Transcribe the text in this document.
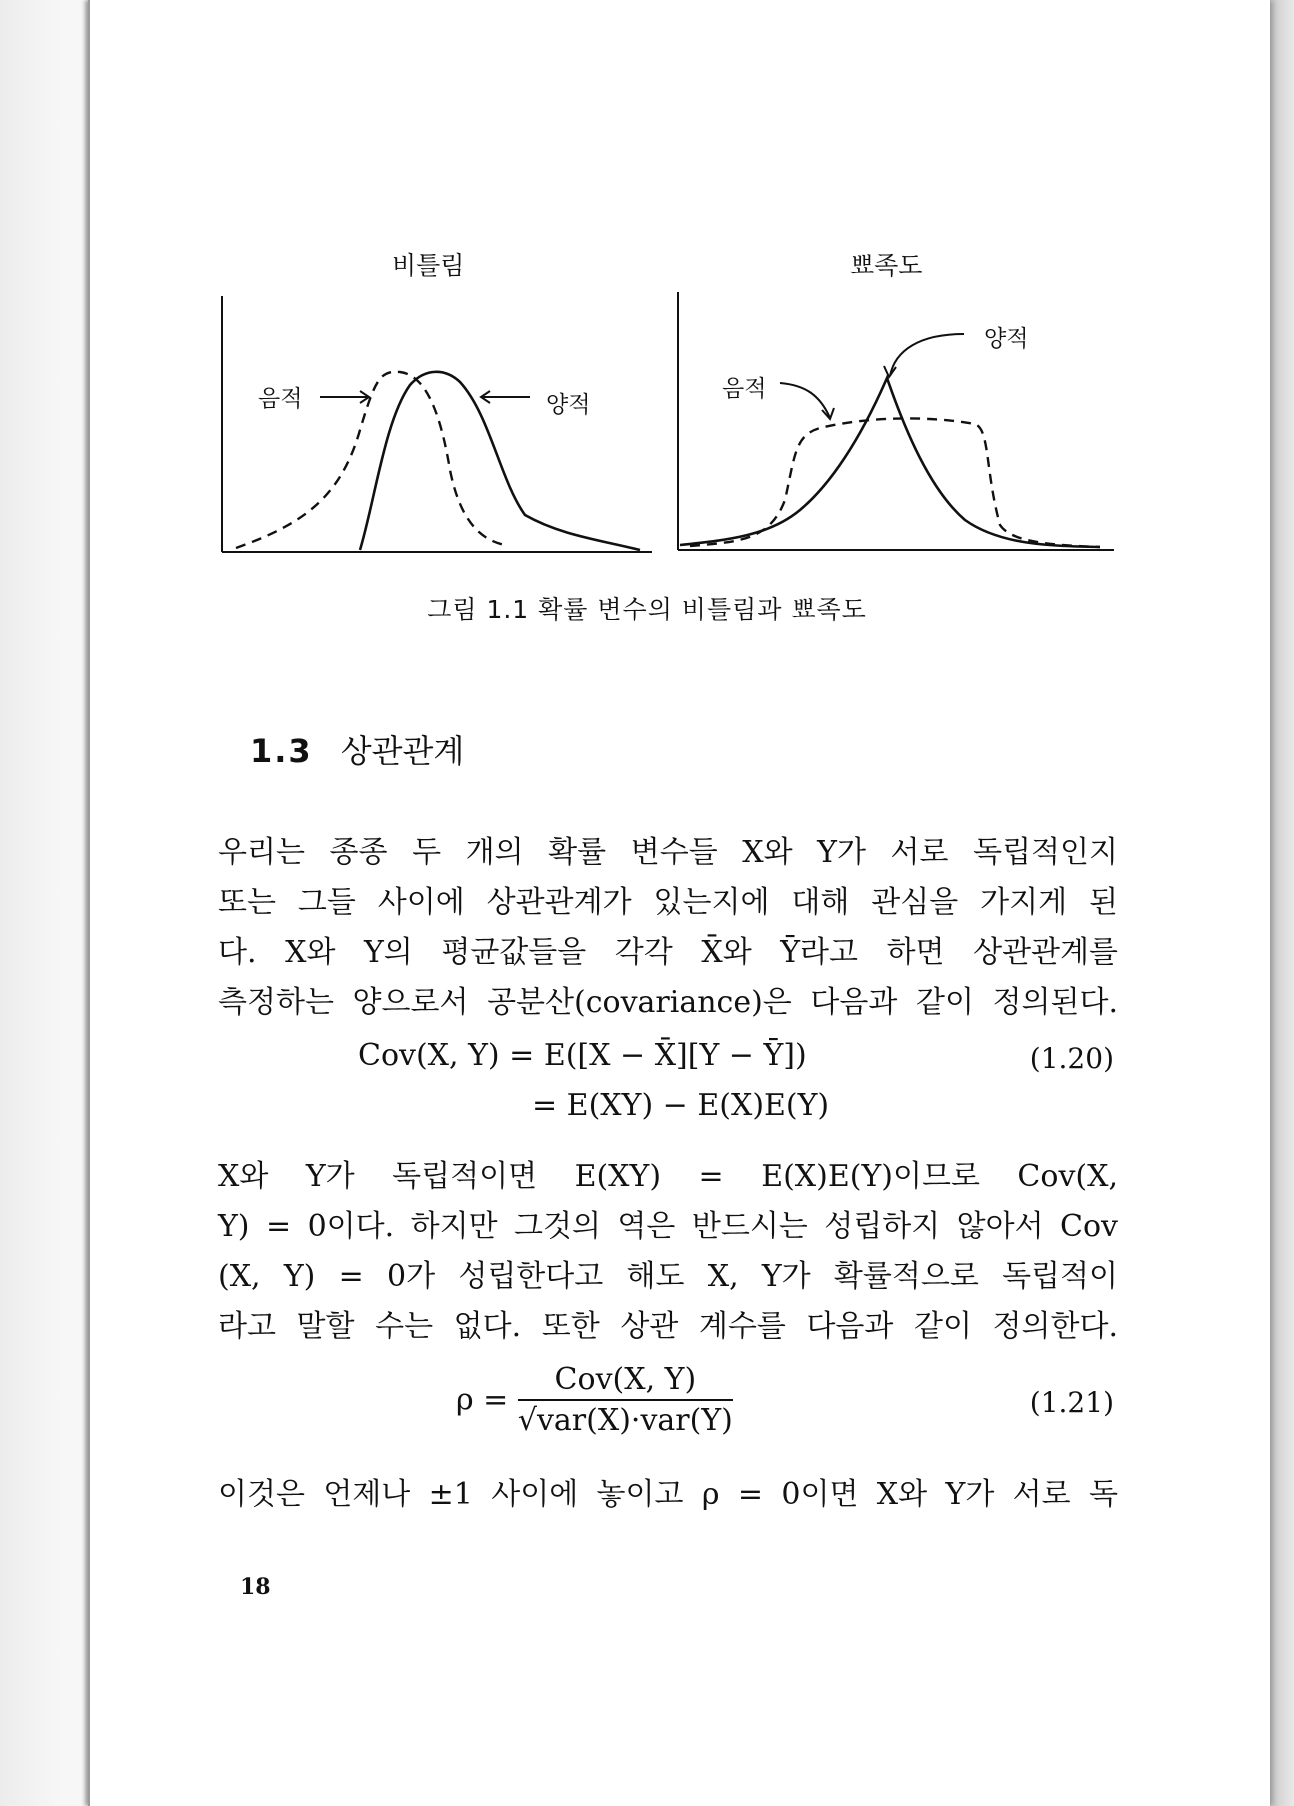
비틀림	뾰족도
음적	양적
음적
양적
그림 1.1 확률 변수의 비틀림과 뾰족도
1.3 상관관계
우리는 종종 두 개의 확률 변수들 X와 Y가 서로 독립적인지
또는 그들 사이에 상관관계가 있는지에 대해 관심을 가지게 된
다. X와 Y의 평균값들을 각각 X̄와 Ȳ라고 하면 상관관계를
측정하는 양으로서 공분산(covariance)은 다음과 같이 정의된다.
Cov(X, Y) = E([X − X̄][Y − Ȳ])
= E(XY) − E(X)E(Y)
(1.20)
X와 Y가 독립적이면 E(XY) = E(X)E(Y)이므로 Cov(X,
Y) = 0이다. 하지만 그것의 역은 반드시는 성립하지 않아서 Cov
(X, Y) = 0가 성립한다고 해도 X, Y가 확률적으로 독립적이
라고 말할 수는 없다. 또한 상관 계수를 다음과 같이 정의한다.
$\rho = \frac{\text{Cov(X, Y)}}{\text{√var(X)·var(Y)}}$	(1.21)
이것은 언제나 ±1 사이에 놓이고 ρ = 0이면 X와 Y가 서로 독
18
